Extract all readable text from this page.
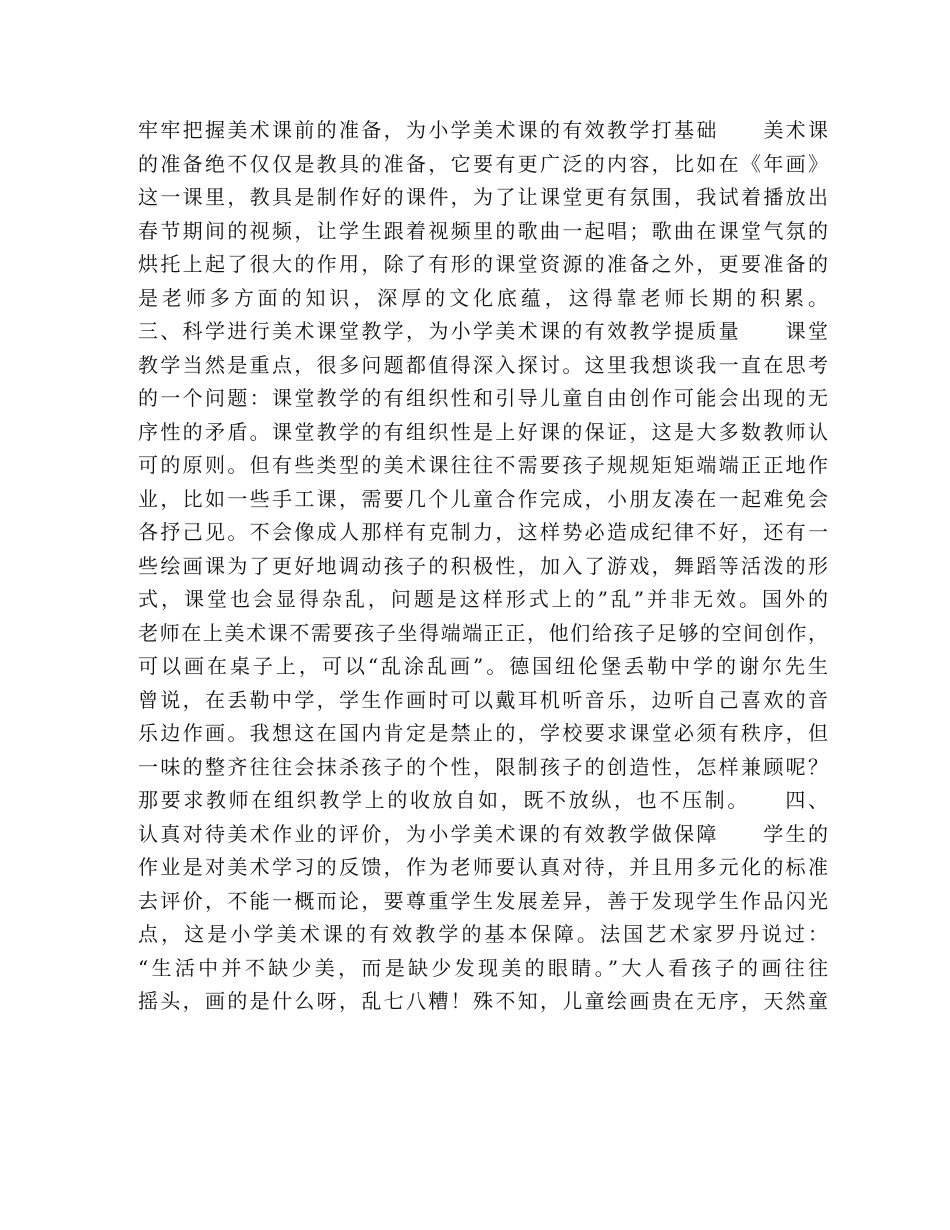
牢牢把握美术课前的准备，为小学美术课的有效教学打基础　　美术课
的准备绝不仅仅是教具的准备，它要有更广泛的内容，比如在《年画》
这一课里，教具是制作好的课件，为了让课堂更有氛围，我试着播放出
春节期间的视频，让学生跟着视频里的歌曲一起唱；歌曲在课堂气氛的
烘托上起了很大的作用，除了有形的课堂资源的准备之外，更要准备的
是老师多方面的知识，深厚的文化底蕴，这得靠老师长期的积累。
三、科学进行美术课堂教学，为小学美术课的有效教学提质量　　课堂
教学当然是重点，很多问题都值得深入探讨。这里我想谈我一直在思考
的一个问题：课堂教学的有组织性和引导儿童自由创作可能会出现的无
序性的矛盾。课堂教学的有组织性是上好课的保证，这是大多数教师认
可的原则。但有些类型的美术课往往不需要孩子规规矩矩端端正正地作
业，比如一些手工课，需要几个儿童合作完成，小朋友凑在一起难免会
各抒己见。不会像成人那样有克制力，这样势必造成纪律不好，还有一
些绘画课为了更好地调动孩子的积极性，加入了游戏，舞蹈等活泼的形
式，课堂也会显得杂乱，问题是这样形式上的”乱”并非无效。国外的
老师在上美术课不需要孩子坐得端端正正，他们给孩子足够的空间创作，
可以画在桌子上，可以“乱涂乱画”。德国纽伦堡丢勒中学的谢尔先生
曾说，在丢勒中学，学生作画时可以戴耳机听音乐，边听自己喜欢的音
乐边作画。我想这在国内肯定是禁止的，学校要求课堂必须有秩序，但
一味的整齐往往会抹杀孩子的个性，限制孩子的创造性，怎样兼顾呢？
那要求教师在组织教学上的收放自如，既不放纵，也不压制。　　四、
认真对待美术作业的评价，为小学美术课的有效教学做保障　　学生的
作业是对美术学习的反馈，作为老师要认真对待，并且用多元化的标准
去评价，不能一概而论，要尊重学生发展差异，善于发现学生作品闪光
点，这是小学美术课的有效教学的基本保障。法国艺术家罗丹说过：
“生活中并不缺少美，而是缺少发现美的眼睛。”大人看孩子的画往往
摇头，画的是什么呀，乱七八糟！殊不知，儿童绘画贵在无序，天然童
